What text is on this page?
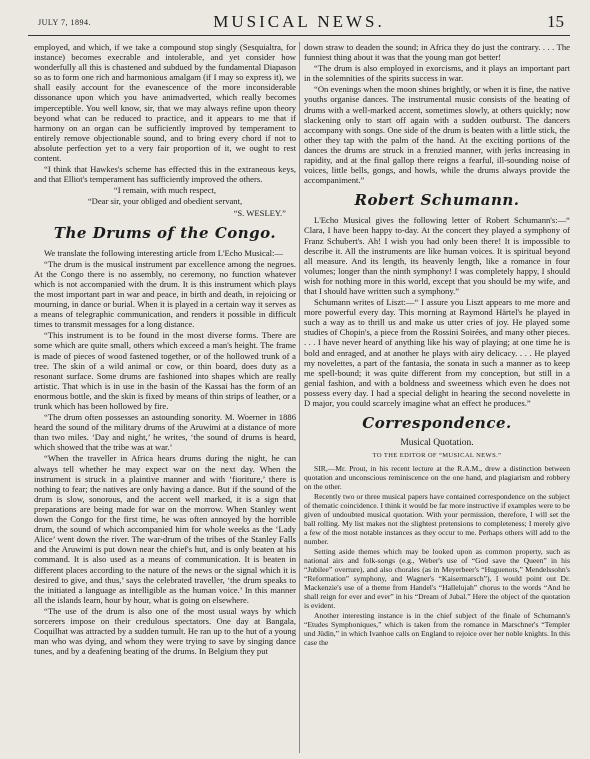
JULY 7, 1894.	MUSICAL NEWS.	15

employed, and which, if we take a compound stop singly (Sesquialtra, for instance) becomes execrable and intolerable, and yet consider how wonderfully all this is chastened and subdued by the fundamental Diapason so as to form one rich and harmonious amalgam (if I may so express it), we shall easily account for the evanescence of the more inconsiderable dissonance upon which you have animadverted, which really becomes imperceptible. You well know, sir, that we may always refine upon theory beyond what can be reduced to practice, and it appears to me that if harmony on an organ can be sufficiently improved by temperament to entirely remove objectionable sound, and to bring every chord if not to absolute perfection yet to a very fair proportion of it, we ought to rest content.

“I think that Hawkes's scheme has effected this in the extraneous keys, and that Elliot's temperament has sufficiently improved the others.

“I remain, with much respect,

“Dear sir, your obliged and obedient servant,

“S. WESLEY.”

The Drums of the Congo.

We translate the following interesting article from L'Echo Musical:—

“The drum is the musical instrument par excellence among the negroes. At the Congo there is no assembly, no ceremony, no function whatever which is not accompanied with the drum. It is this instrument which plays the most important part in war and peace, in birth and death, in rejoicing or mourning, in dance or burial. When it is played in a certain way it serves as a means of telegraphic communication, and renders it possible in difficult times to transmit messages for a long distance.

“This instrument is to be found in the most diverse forms. There are some which are quite small, others which exceed a man's height. The frame is made of pieces of wood fastened together, or of the hollowed trunk of a tree. The skin of a wild animal or cow, or thin board, does duty as a resonant surface. Some drums are fashioned into shapes which are really artistic. That which is in use in the basin of the Kassai has the form of an enormous bottle, and the skin is fixed by means of thin strips of leather, or a trunk which has been hollowed by fire.

“The drum often possesses an astounding sonority. M. Woerner in 1886 heard the sound of the military drums of the Aruwimi at a distance of more than two miles. ‘Day and night,’ he writes, ‘the sound of drums is heard, which showed that the tribe was at war.’

“When the traveller in Africa hears drums during the night, he can always tell whether he may expect war on the next day. When the instrument is struck in a plaintive manner and with ‘fioriture,’ there is nothing to fear; the natives are only having a dance. But if the sound of the drum is slow, sonorous, and the accent well marked, it is a sign that preparations are being made for war on the morrow. When Stanley went down the Congo for the first time, he was often annoyed by the horrible drum, the sound of which accompanied him for whole weeks as the ‘Lady Alice’ went down the river. The war-drum of the tribes of the Stanley Falls and the Aruwimi is put down near the chief's hut, and is only beaten at his command. It is also used as a means of communication. It is beaten in different places according to the nature of the news or the signal which it is desired to give, and thus,’ says the celebrated traveller, ‘the drum speaks to the initiated a language as intelligible as the human voice.’ In this manner all the islands learn, hour by hour, what is going on elsewhere.

“The use of the drum is also one of the most usual ways by which sorcerers impose on their credulous spectators. One day at Bangala, Coquilhat was attracted by a sudden tumult. He ran up to the hut of a young man who was dying, and whom they were trying to save by singing dance tunes, and by a deafening beating of the drums. In Belgium they put

down straw to deaden the sound; in Africa they do just the contrary. . . . The funniest thing about it was that the young man got better!

“The drum is also employed in exorcisms, and it plays an important part in the solemnities of the spirits success in war.

“On evenings when the moon shines brightly, or when it is fine, the native youths organise dances. The instrumental music consists of the beating of drums with a well-marked accent, sometimes slowly, at others quickly; now slackening only to start off again with a sudden outburst. The dancers accompany with songs. One side of the drum is beaten with a little stick, the other they tap with the palm of the hand. At the exciting portions of the dances the drums are struck in a frenzied manner, with jerks increasing in rapidity, and at the final gallop there reigns a fearful, ill-sounding noise of voices, little bells, gongs, and howls, while the drums always provide the accompaniment.”

Robert Schumann.

L'Echo Musical gives the following letter of Robert Schumann's:—“ Clara, I have been happy to-day. At the concert they played a symphony of Franz Schubert's. Ah! I wish you had only been there! It is impossible to describe it. All the instruments are like human voices. It is spiritual beyond all measure. And its length, its heavenly length, like a romance in four volumes; longer than the ninth symphony! I was completely happy, I should wish for nothing more in this world, except that you should be my wife, and that I should have written such a symphony.”

Schumann writes of Liszt:—“ I assure you Liszt appears to me more and more powerful every day. This morning at Raymond Härtel's he played in such a way as to thrill us and make us utter cries of joy. He played some studies of Chopin's, a piece from the Rossini Soirées, and many other pieces. . . . I have never heard of anything like his way of playing; at one time he is bold and enraged, and at another he plays with airy delicacy. . . . He played my novelettes, a part of the fantasia, the sonata in such a manner as to keep me spell-bound; it was quite different from my conception, but still in a genial fashion, and with a boldness and sweetness which even he does not possess every day. I had a special delight in hearing the second novelette in D major, you could scarcely imagine what an effect he produces.”

Correspondence.
Musical Quotation.
TO THE EDITOR OF “MUSICAL NEWS.”

SIR,—Mr. Prout, in his recent lecture at the R.A.M., drew a distinction between quotation and unconscious reminiscence on the one hand, and plagiarism and robbery on the other.

Recently two or three musical papers have contained correspondence on the subject of thematic coincidence. I think it would be far more instructive if examples were to be given of undoubted musical quotation. With your permission, therefore, I will set the ball rolling. My list makes not the slightest pretensions to completeness; I merely give a few of the most notable instances as they occur to me. Perhaps others will add to the number.

Setting aside themes which may be looked upon as common property, such as national airs and folk-songs (e.g., Weber's use of “God save the Queen” in his “Jubilee” overture), and also chorales (as in Meyerbeer's “Huguenots,” Mendelssohn's “Reformation” symphony, and Wagner's “Kaisermarsch”), I would point out Dr. Mackenzie's use of a theme from Handel's “Hallelujah” chorus to the words “And he shall reign for ever and ever” in his “Dream of Jubal.” Here the object of the quotation is evident.

Another interesting instance is in the chief subject of the finale of Schumann's “Etudes Symphoniques,” which is taken from the romance in Marschner's “Templer und Jüdin,” in which Ivanhoe calls on England to rejoice over her noble knights. In this case the
